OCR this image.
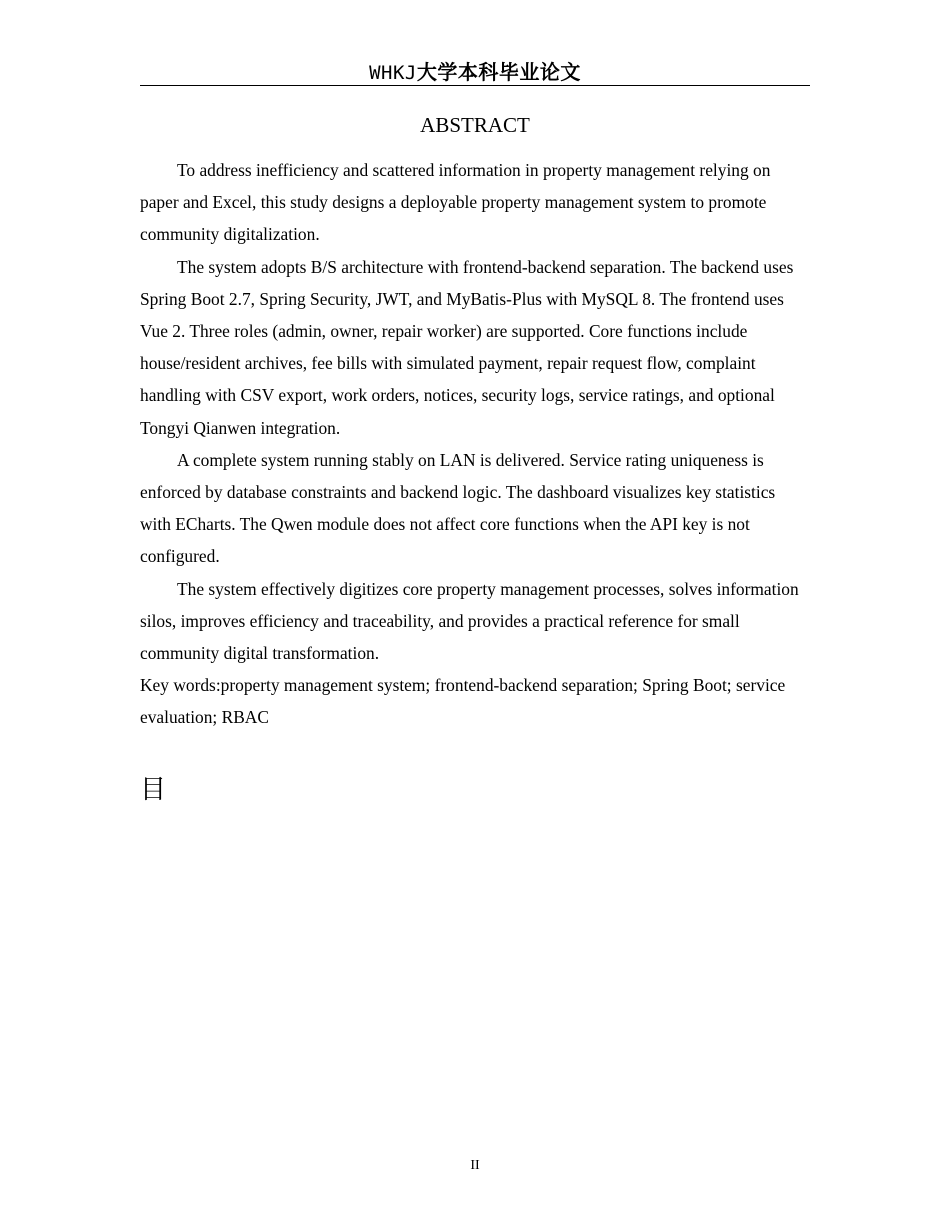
WHKJ大学本科毕业论文
ABSTRACT

To address inefficiency and scattered information in property management relying on paper and Excel, this study designs a deployable property management system to promote community digitalization.

The system adopts B/S architecture with frontend-backend separation. The backend uses Spring Boot 2.7, Spring Security, JWT, and MyBatis-Plus with MySQL 8. The frontend uses Vue 2. Three roles (admin, owner, repair worker) are supported. Core functions include house/resident archives, fee bills with simulated payment, repair request flow, complaint handling with CSV export, work orders, notices, security logs, service ratings, and optional Tongyi Qianwen integration.

A complete system running stably on LAN is delivered. Service rating uniqueness is enforced by database constraints and backend logic. The dashboard visualizes key statistics with ECharts. The Qwen module does not affect core functions when the API key is not configured.

The system effectively digitizes core property management processes, solves information silos, improves efficiency and traceability, and provides a practical reference for small community digital transformation.

Key words:property management system; frontend-backend separation; Spring Boot; service evaluation; RBAC

目
II
